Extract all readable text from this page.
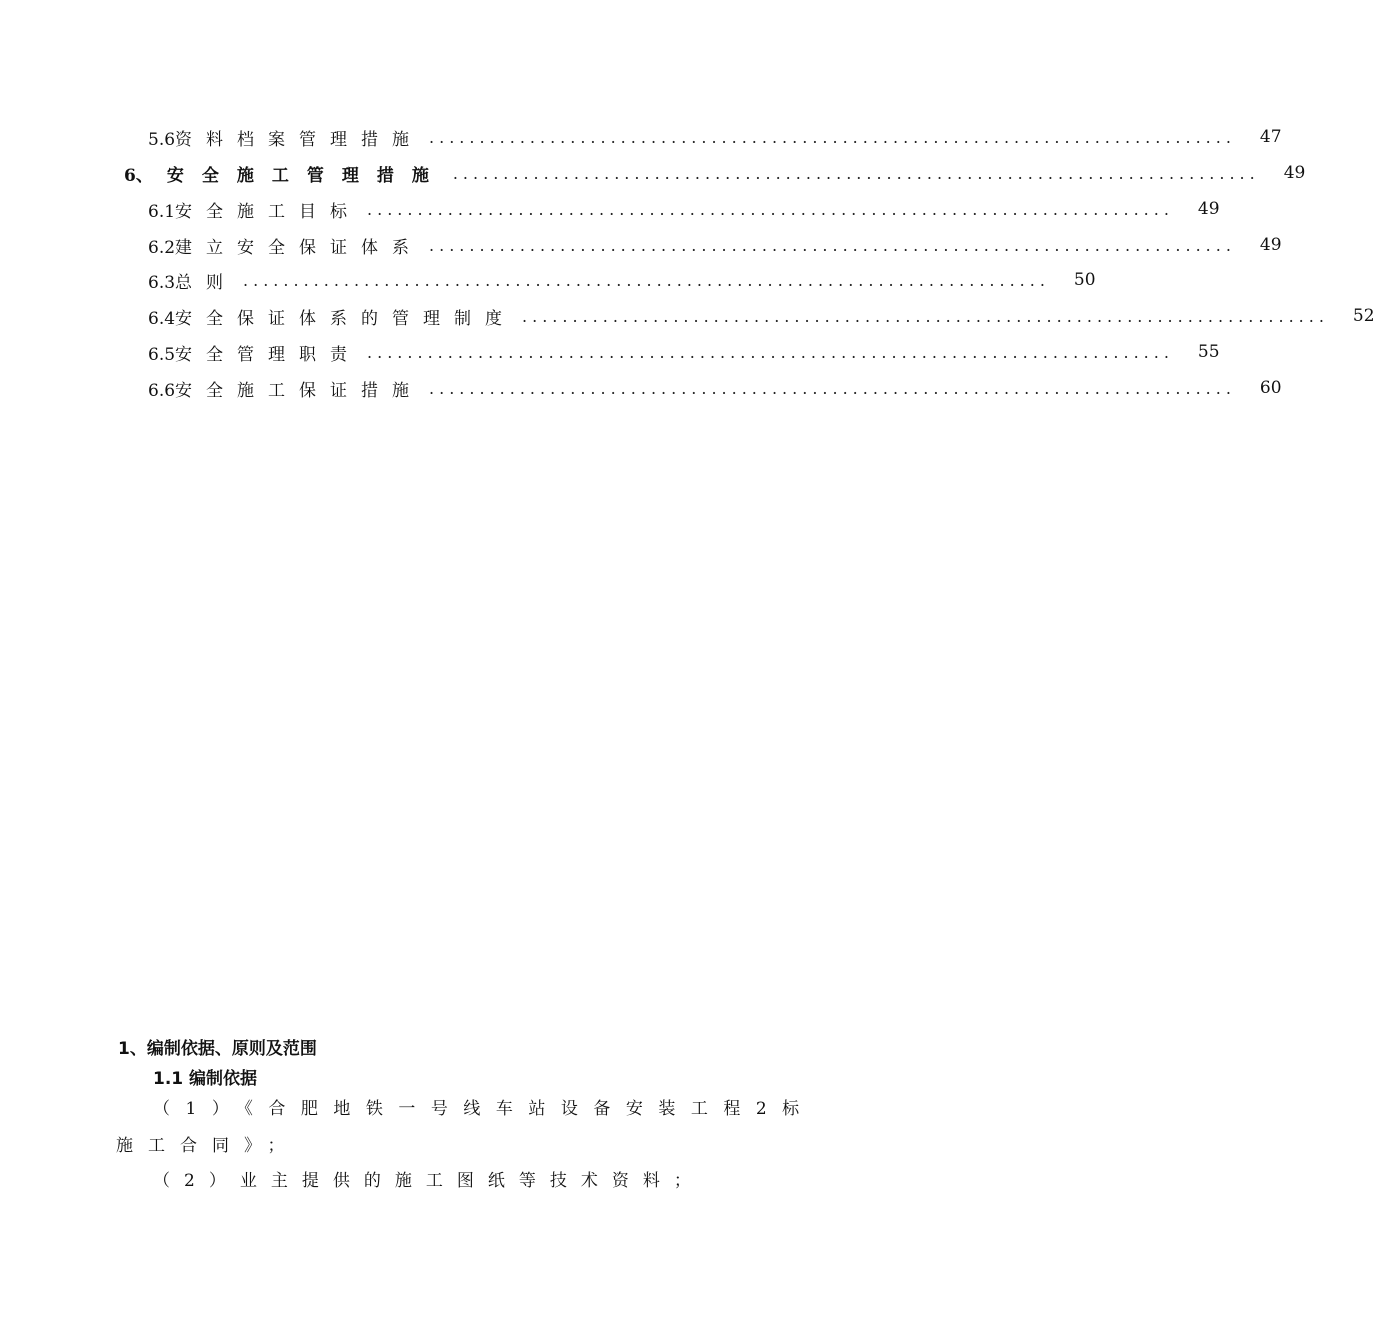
5.6资料档案管理措施 ................................................................................ 47
6、 安全施工管理措施 ................................................................................ 49
6.1安全施工目标 ................................................................................ 49
6.2建立安全保证体系 ................................................................................ 49
6.3总则 ................................................................................ 50
6.4安全保证体系的管理制度 ................................................................................ 52
6.5安全管理职责 ................................................................................ 55
6.6安全施工保证措施 ................................................................................ 60
1、编制依据、原则及范围
1.1 编制依据
（1）《合肥地铁一号线车站设备安装工程2标
施工合同》；
（2）业主提供的施工图纸等技术资料；
